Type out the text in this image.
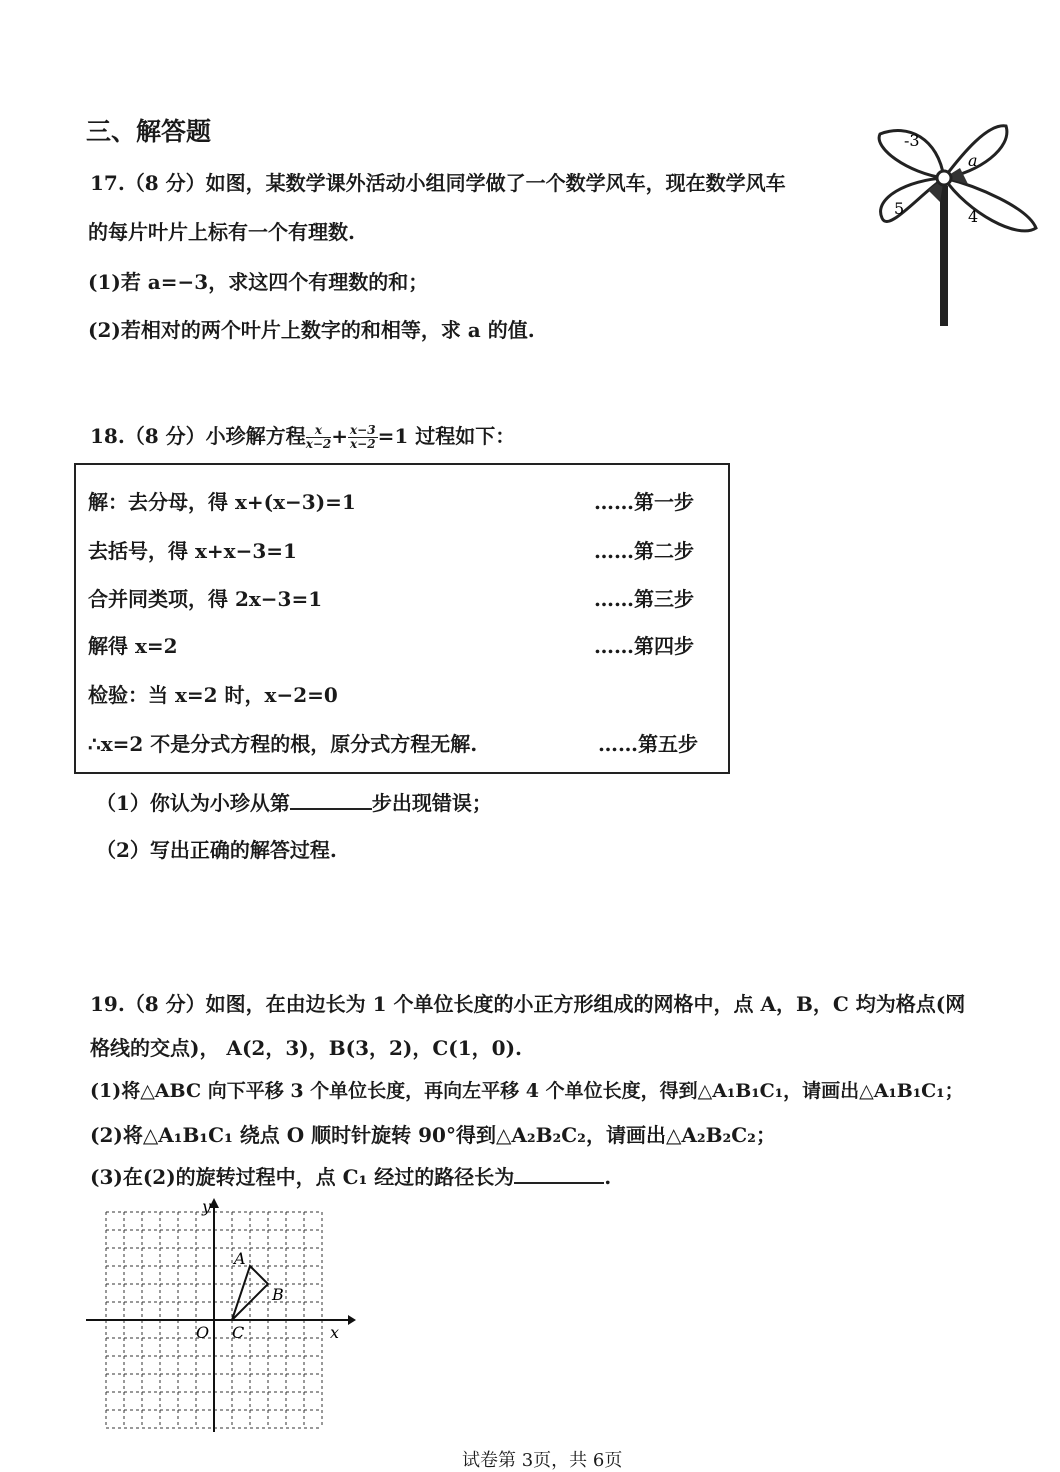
三、解答题
17.（8 分）如图，某数学课外活动小组同学做了一个数学风车，现在数学风车
的每片叶片上标有一个有理数.
(1)若 a=−3，求这四个有理数的和；
(2)若相对的两个叶片上数字的和相等，求 a 的值.
-3
a
5	4
18.（8 分）小珍解方程 $\frac{x}{x-2} + \frac{x-3}{x-2} =1$ 过程如下：
解：去分母，得 x+(x−3)=1	……第一步
去括号，得 x+x−3=1	……第二步
合并同类项，得 2x−3=1	……第三步
解得 x=2	……第四步
检验：当 x=2 时，x−2=0
∴x=2 不是分式方程的根，原分式方程无解.	……第五步
（1）你认为小珍从第	步出现错误；
（2）写出正确的解答过程.
19.（8 分）如图，在由边长为 1 个单位长度的小正方形组成的网格中，点 A，B，C 均为格点(网
格线的交点)， A(2，3)，B(3，2)，C(1，0).
(1)将△ABC 向下平移 3 个单位长度，再向左平移 4 个单位长度，得到△A₁B₁C₁，请画出△A₁B₁C₁；
(2)将△A₁B₁C₁ 绕点 O 顺时针旋转 90°得到△A₂B₂C₂，请画出△A₂B₂C₂；
(3)在(2)的旋转过程中，点 C₁ 经过的路径长为	.
y
x
O
A
B
C
试卷第 3页，共 6页
